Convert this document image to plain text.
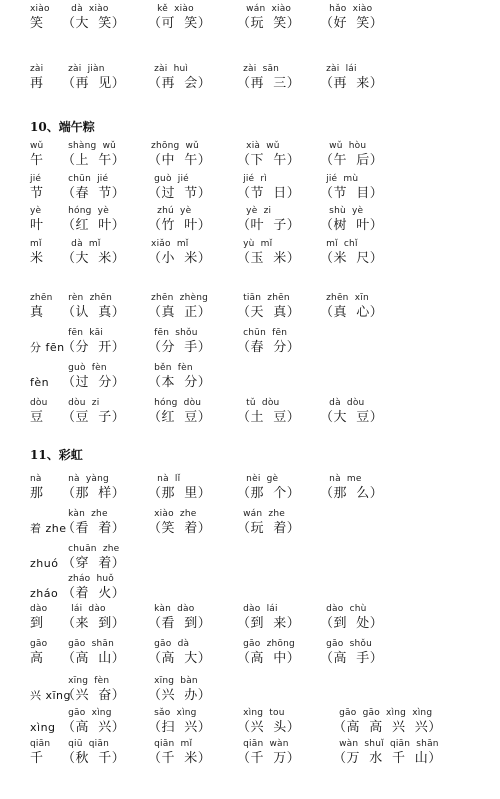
xiào
笑
dà  xiào
（大  笑）
kě  xiào
（可  笑）
wán  xiào
（玩  笑）
hǎo  xiào
（好  笑）
zài
再
zài  jiàn
（再  见）
zài  huì
（再  会）
zài  sān
（再  三）
zài  lái
（再  来）
10、端午粽
wǔ
午
shàng  wǔ
（上  午）
zhōng  wǔ
（中  午）
xià  wǔ
（下  午）
wǔ  hòu
（午  后）
jié
节
chūn  jié
（春  节）
guò  jié
（过  节）
jié  rì
（节  日）
jié  mù
（节  目）
yè
叶
hóng  yè
（红  叶）
zhú  yè
（竹  叶）
yè  zi
（叶  子）
shù  yè
（树  叶）
mǐ
米
dà  mǐ
（大  米）
xiǎo  mǐ
（小  米）
yù  mǐ
（玉  米）
mǐ  chǐ
（米  尺）
zhēn
真
rèn  zhēn
（认  真）
zhēn  zhèng
（真  正）
tiān  zhēn
（天  真）
zhēn  xīn
（真  心）
分 fēn
fēn  kāi
（分  开）
fēn  shǒu
（分  手）
chūn  fēn
（春  分）
fèn
guò  fèn
（过  分）
běn  fèn
（本  分）
dòu
豆
dòu  zi
（豆  子）
hóng  dòu
（红  豆）
tǔ  dòu
（土  豆）
dà  dòu
（大  豆）
11、彩虹
nà
那
nà  yàng
（那  样）
nà  lǐ
（那  里）
nèi  gè
（那  个）
nà  me
（那  么）
着 zhe
kàn  zhe
（看  着）
xiào  zhe
（笑  着）
wán  zhe
（玩  着）
zhuó
chuān  zhe
（穿  着）
zháo
zháo  huǒ
（着  火）
dào
到
lái  dào
（来  到）
kàn  dào
（看  到）
dào  lái
（到  来）
dào  chù
（到  处）
gāo
高
gāo  shān
（高  山）
gāo  dà
（高  大）
gāo  zhōng
（高  中）
gāo  shǒu
（高  手）
兴 xīng
xīng  fèn
（兴  奋）
xīng  bàn
（兴  办）
xìng
gāo  xìng
（高  兴）
sǎo  xìng
（扫  兴）
xìng  tou
（兴  头）
gāo  gāo  xìng  xìng
（高  高  兴  兴）
qiān
千
qiū  qiān
（秋  千）
qiān  mǐ
（千  米）
qiān  wàn
（千  万）
wàn  shuǐ  qiān  shān
（万  水  千  山）
